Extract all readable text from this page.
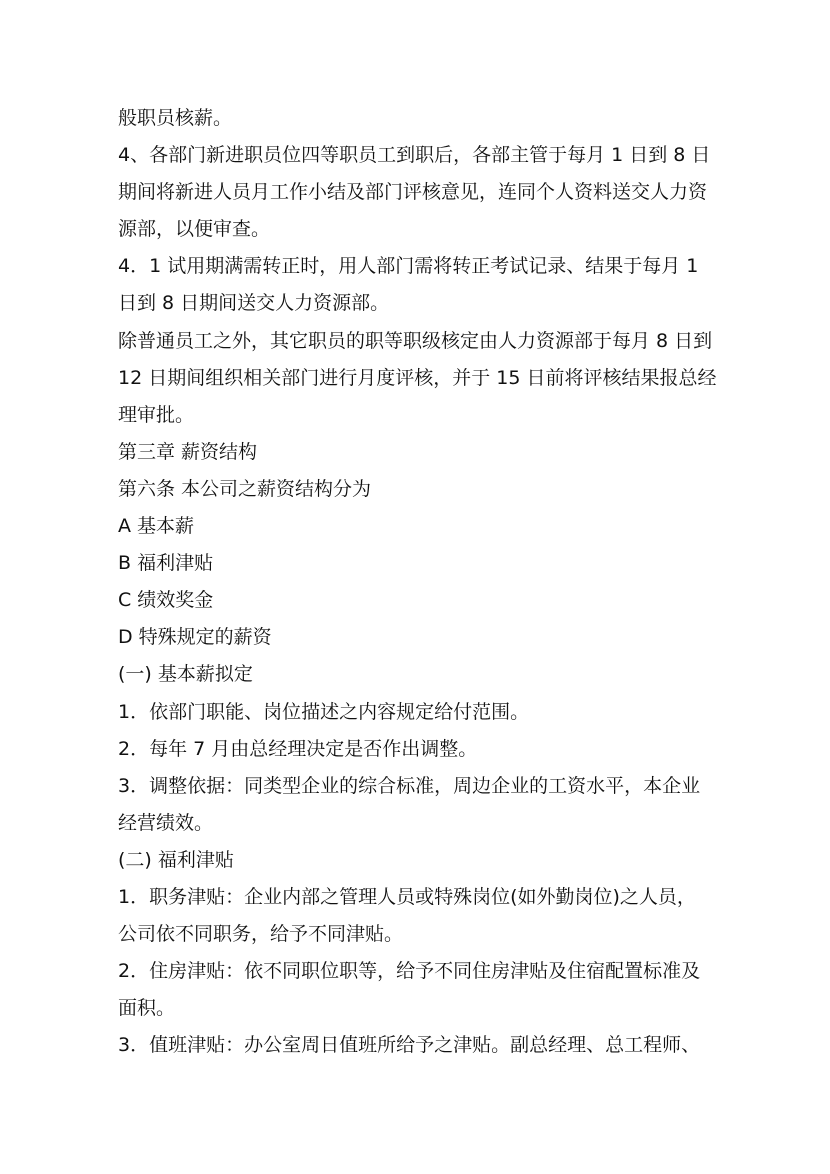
般职员核薪。
4、各部门新进职员位四等职员工到职后，各部主管于每月 1 日到 8 日
期间将新进人员月工作小结及部门评核意见，连同个人资料送交人力资
源部，以便审查。
4．1 试用期满需转正时，用人部门需将转正考试记录、结果于每月 1
日到 8 日期间送交人力资源部。
除普通员工之外，其它职员的职等职级核定由人力资源部于每月 8 日到
12 日期间组织相关部门进行月度评核，并于 15 日前将评核结果报总经
理审批。
第三章 薪资结构
第六条 本公司之薪资结构分为
A 基本薪
B 福利津贴
C 绩效奖金
D 特殊规定的薪资
(一) 基本薪拟定
1．依部门职能、岗位描述之内容规定给付范围。
2．每年 7 月由总经理决定是否作出调整。
3．调整依据：同类型企业的综合标准，周边企业的工资水平，本企业
经营绩效。
(二) 福利津贴
1．职务津贴：企业内部之管理人员或特殊岗位(如外勤岗位)之人员，
公司依不同职务，给予不同津贴。
2．住房津贴：依不同职位职等，给予不同住房津贴及住宿配置标准及
面积。
3．值班津贴：办公室周日值班所给予之津贴。副总经理、总工程师、
